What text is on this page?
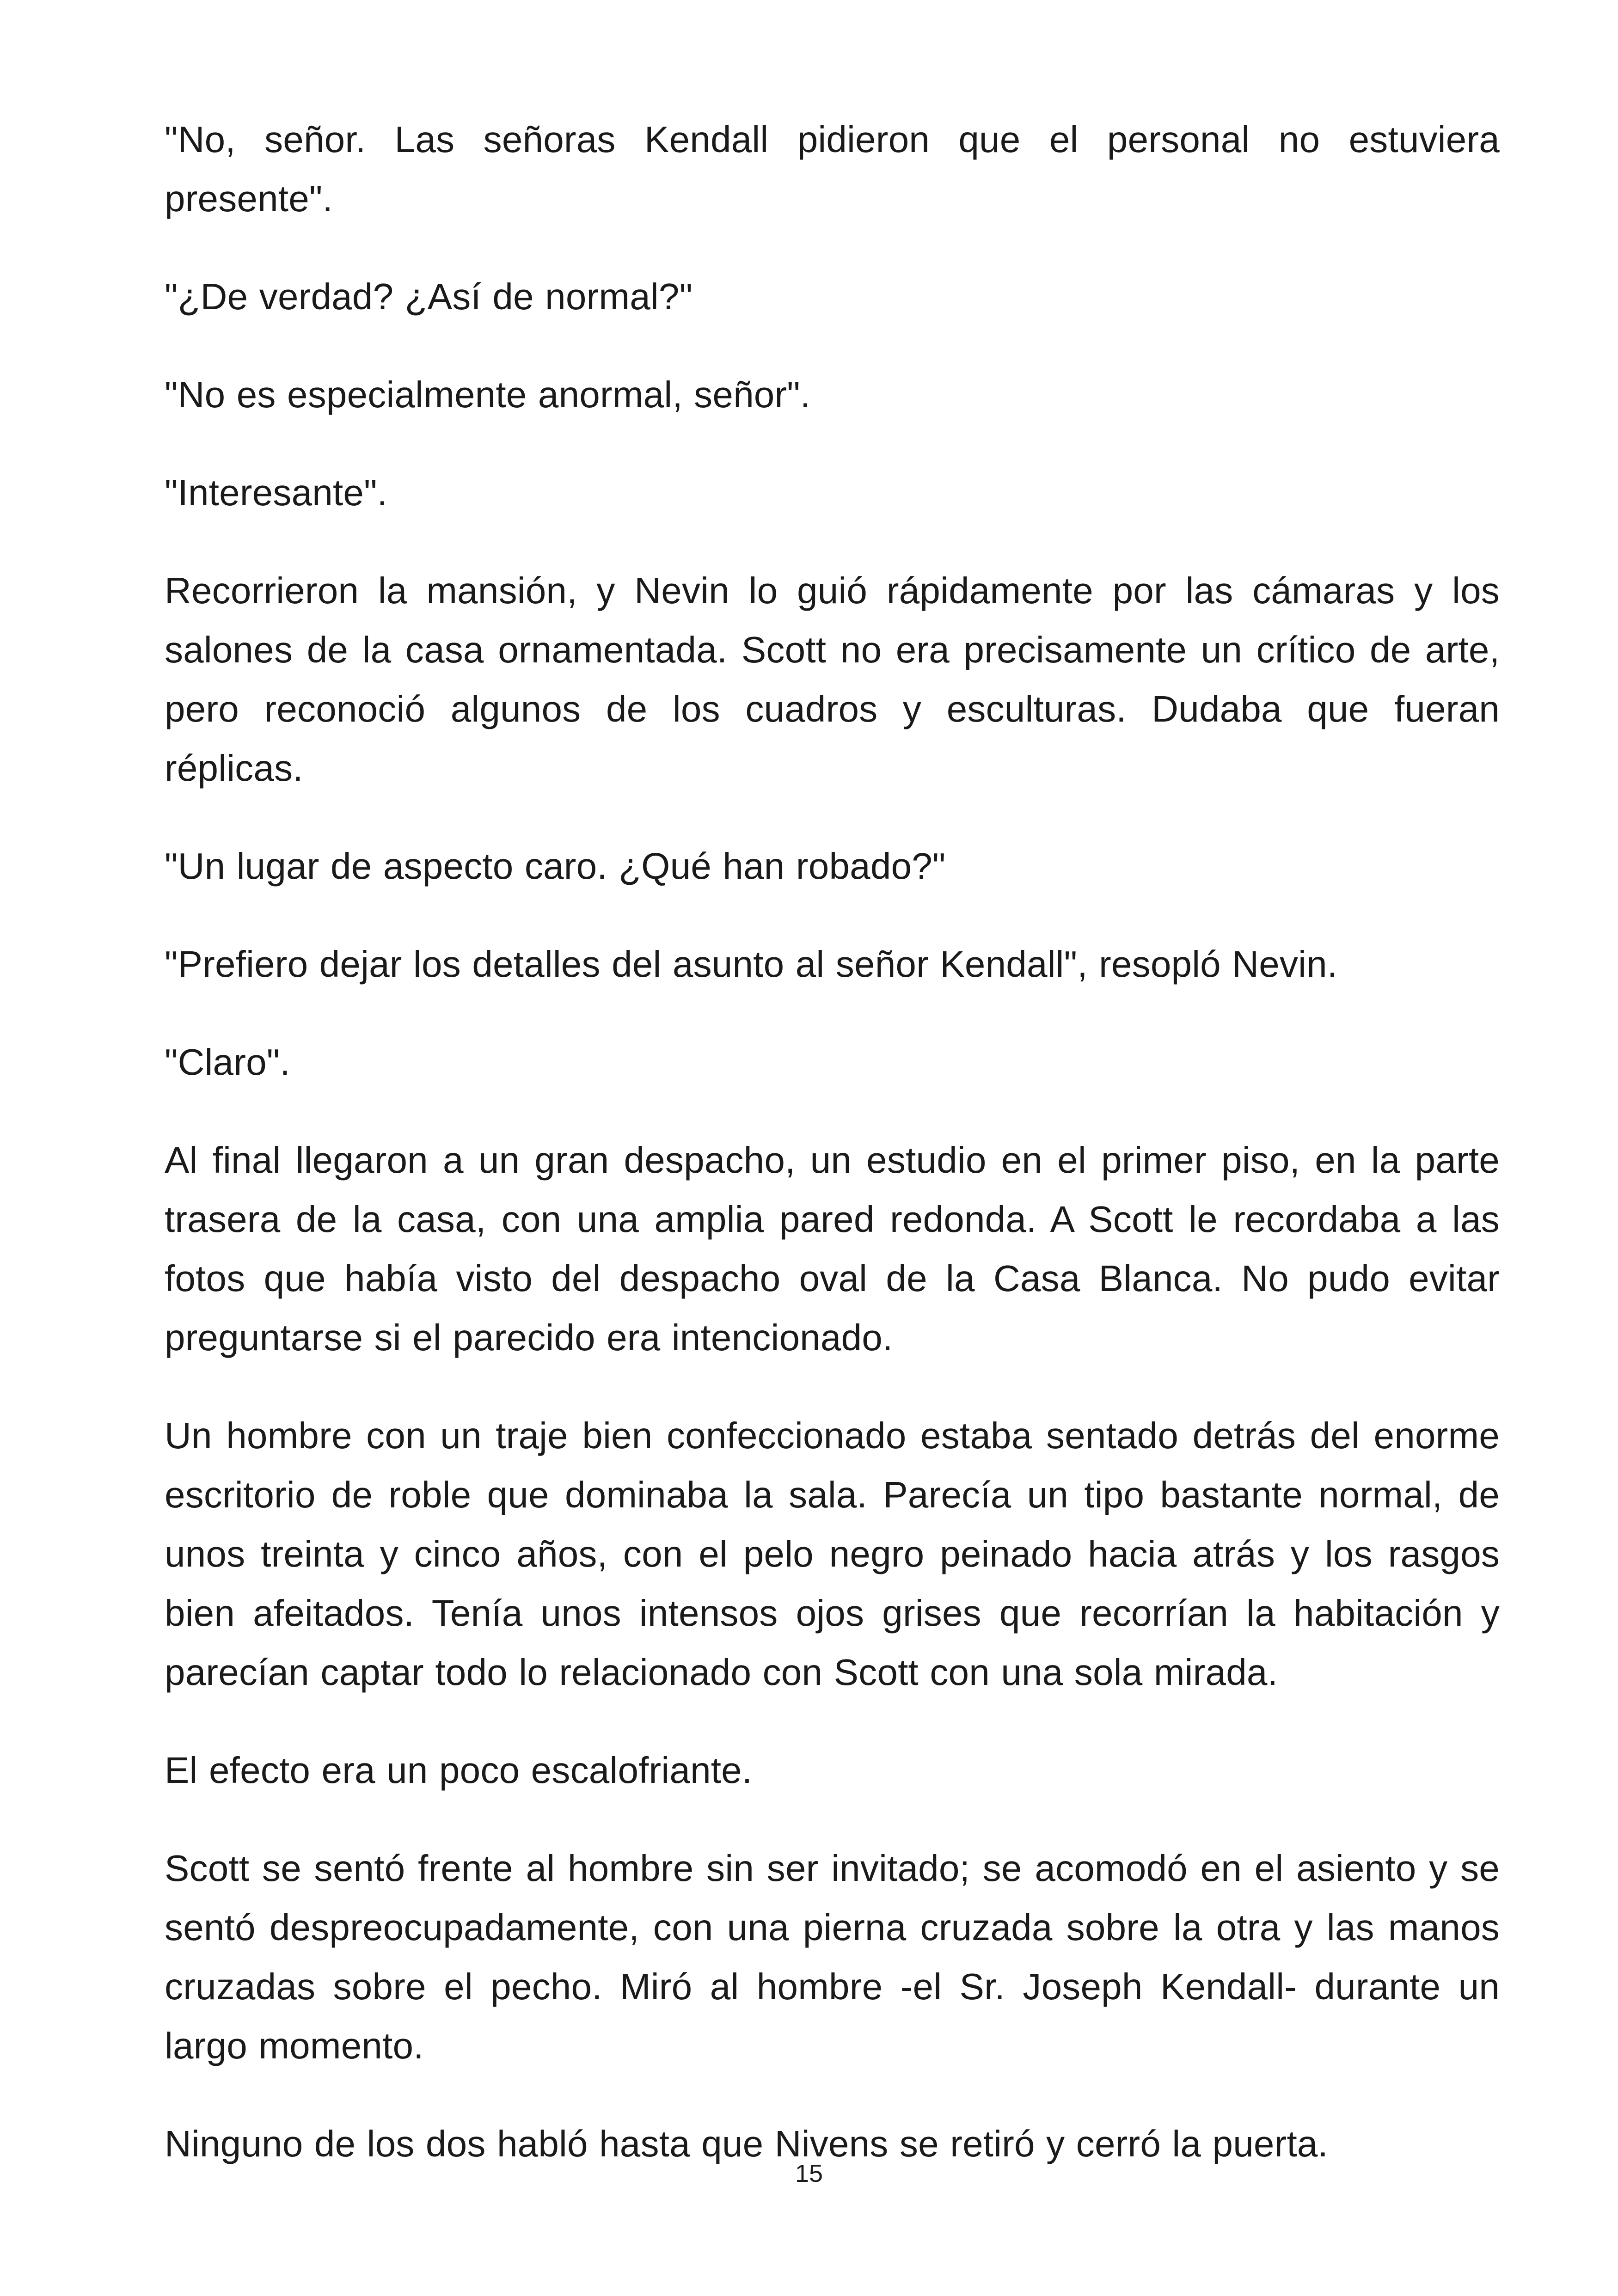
"No, señor. Las señoras Kendall pidieron que el personal no estuviera presente".

"¿De verdad? ¿Así de normal?"

"No es especialmente anormal, señor".

"Interesante".

Recorrieron la mansión, y Nevin lo guió rápidamente por las cámaras y los salones de la casa ornamentada. Scott no era precisamente un crítico de arte, pero reconoció algunos de los cuadros y esculturas. Dudaba que fueran réplicas.

"Un lugar de aspecto caro. ¿Qué han robado?"

"Prefiero dejar los detalles del asunto al señor Kendall", resopló Nevin.

"Claro".

Al final llegaron a un gran despacho, un estudio en el primer piso, en la parte trasera de la casa, con una amplia pared redonda. A Scott le recordaba a las fotos que había visto del despacho oval de la Casa Blanca. No pudo evitar preguntarse si el parecido era intencionado.

Un hombre con un traje bien confeccionado estaba sentado detrás del enorme escritorio de roble que dominaba la sala. Parecía un tipo bastante normal, de unos treinta y cinco años, con el pelo negro peinado hacia atrás y los rasgos bien afeitados. Tenía unos intensos ojos grises que recorrían la habitación y parecían captar todo lo relacionado con Scott con una sola mirada.

El efecto era un poco escalofriante.

Scott se sentó frente al hombre sin ser invitado; se acomodó en el asiento y se sentó despreocupadamente, con una pierna cruzada sobre la otra y las manos cruzadas sobre el pecho. Miró al hombre -el Sr. Joseph Kendall- durante un largo momento.

Ninguno de los dos habló hasta que Nivens se retiró y cerró la puerta.

15
